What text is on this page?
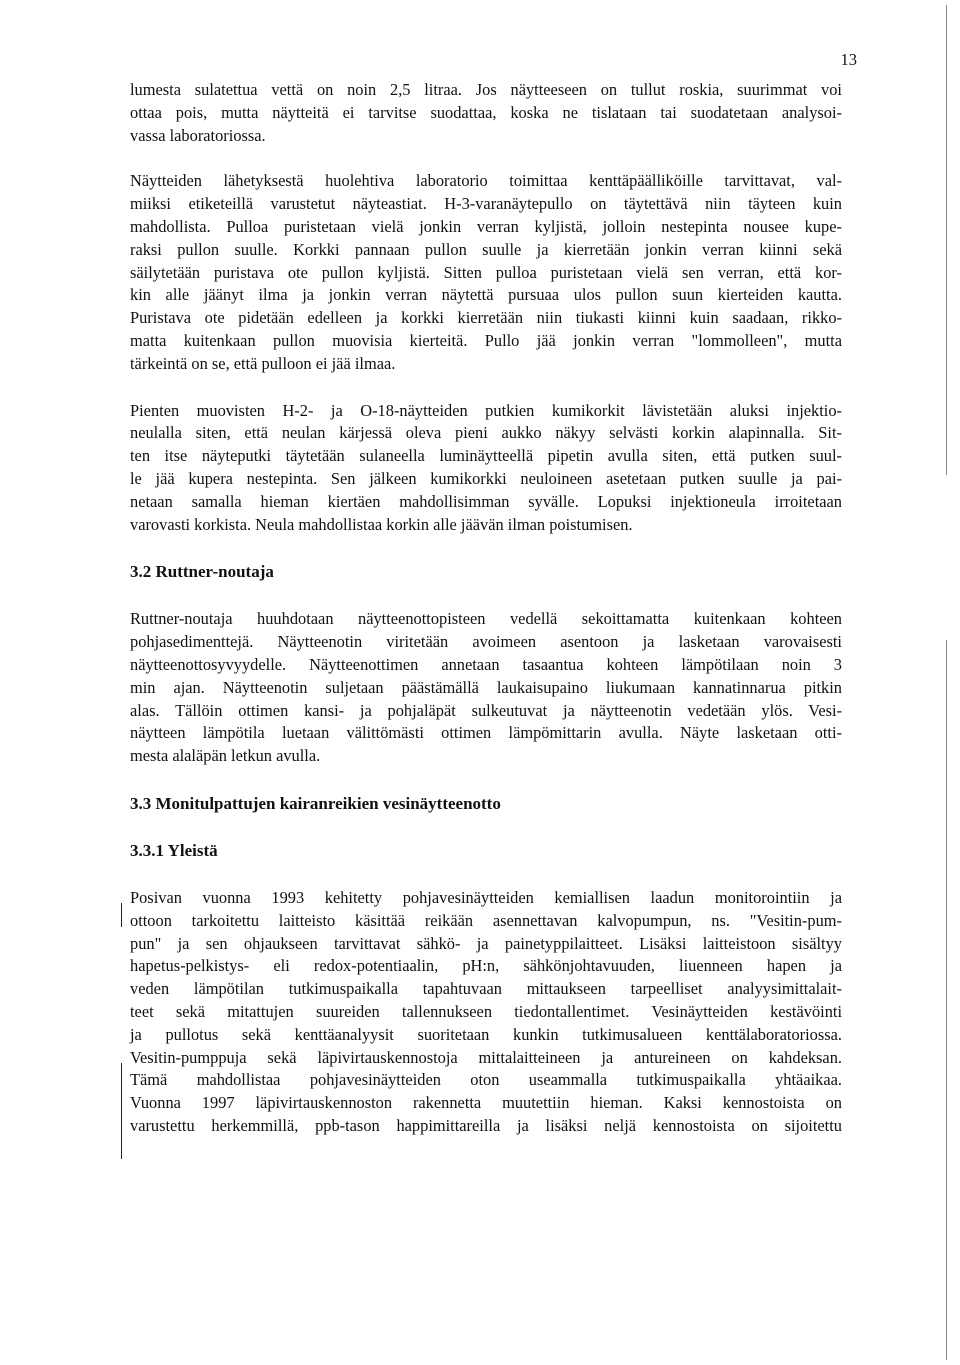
13

lumesta sulatettua vettä on noin 2,5 litraa. Jos näytteeseen on tullut roskia, suurimmat voi
ottaa pois, mutta näytteitä ei tarvitse suodattaa, koska ne tislataan tai suodatetaan analysoi-
vassa laboratoriossa.

Näytteiden lähetyksestä huolehtiva laboratorio toimittaa kenttäpäälliköille tarvittavat, val-
miiksi etiketeillä varustetut näyteastiat. H-3-varanäytepullo on täytettävä niin täyteen kuin
mahdollista. Pulloa puristetaan vielä jonkin verran kyljistä, jolloin nestepinta nousee kupe-
raksi pullon suulle. Korkki pannaan pullon suulle ja kierretään jonkin verran kiinni sekä
säilytetään puristava ote pullon kyljistä. Sitten pulloa puristetaan vielä sen verran, että kor-
kin alle jäänyt ilma ja jonkin verran näytettä pursuaa ulos pullon suun kierteiden kautta.
Puristava ote pidetään edelleen ja korkki kierretään niin tiukasti kiinni kuin saadaan, rikko-
matta kuitenkaan pullon muovisia kierteitä. Pullo jää jonkin verran "lommolleen", mutta
tärkeintä on se, että pulloon ei jää ilmaa.

Pienten muovisten H-2- ja O-18-näytteiden putkien kumikorkit lävistetään aluksi injektio-
neulalla siten, että neulan kärjessä oleva pieni aukko näkyy selvästi korkin alapinnalla. Sit-
ten itse näyteputki täytetään sulaneella luminäytteellä pipetin avulla siten, että putken suul-
le jää kupera nestepinta. Sen jälkeen kumikorkki neuloineen asetetaan putken suulle ja pai-
netaan samalla hieman kiertäen mahdollisimman syvälle. Lopuksi injektioneula irroitetaan
varovasti korkista. Neula mahdollistaa korkin alle jäävän ilman poistumisen.

3.2 Ruttner-noutaja

Ruttner-noutaja huuhdotaan näytteenottopisteen vedellä sekoittamatta kuitenkaan kohteen
pohjasedimenttejä. Näytteenotin viritetään avoimeen asentoon ja lasketaan varovaisesti
näytteenottosyvyydelle. Näytteenottimen annetaan tasaantua kohteen lämpötilaan noin 3
min ajan. Näytteenotin suljetaan päästämällä laukaisupaino liukumaan kannatinnarua pitkin
alas. Tällöin ottimen kansi- ja pohjaläpät sulkeutuvat ja näytteenotin vedetään ylös. Vesi-
näytteen lämpötila luetaan välittömästi ottimen lämpömittarin avulla. Näyte lasketaan otti-
mesta alaläpän letkun avulla.

3.3 Monitulpattujen kairanreikien vesinäytteenotto
3.3.1 Yleistä

Posivan vuonna 1993 kehitetty pohjavesinäytteiden kemiallisen laadun monitorointiin ja
ottoon tarkoitettu laitteisto käsittää reikään asennettavan kalvopumpun, ns. "Vesitin-pum-
pun" ja sen ohjaukseen tarvittavat sähkö- ja painetyppilaitteet. Lisäksi laitteistoon sisältyy
hapetus-pelkistys- eli redox-potentiaalin, pH:n, sähkönjohtavuuden, liuenneen hapen ja
veden lämpötilan tutkimuspaikalla tapahtuvaan mittaukseen tarpeelliset analyysimittalait-
teet sekä mitattujen suureiden tallennukseen tiedontallentimet. Vesinäytteiden kestävöinti
ja pullotus sekä kenttäanalyysit suoritetaan kunkin tutkimusalueen kenttälaboratoriossa.
Vesitin-pumppuja sekä läpivirtauskennostoja mittalaitteineen ja antureineen on kahdeksan.
Tämä mahdollistaa pohjavesinäytteiden oton useammalla tutkimuspaikalla yhtäaikaa.
Vuonna 1997 läpivirtauskennoston rakennetta muutettiin hieman. Kaksi kennostoista on
varustettu herkemmillä, ppb-tason happimittareilla ja lisäksi neljä kennostoista on sijoitettu
